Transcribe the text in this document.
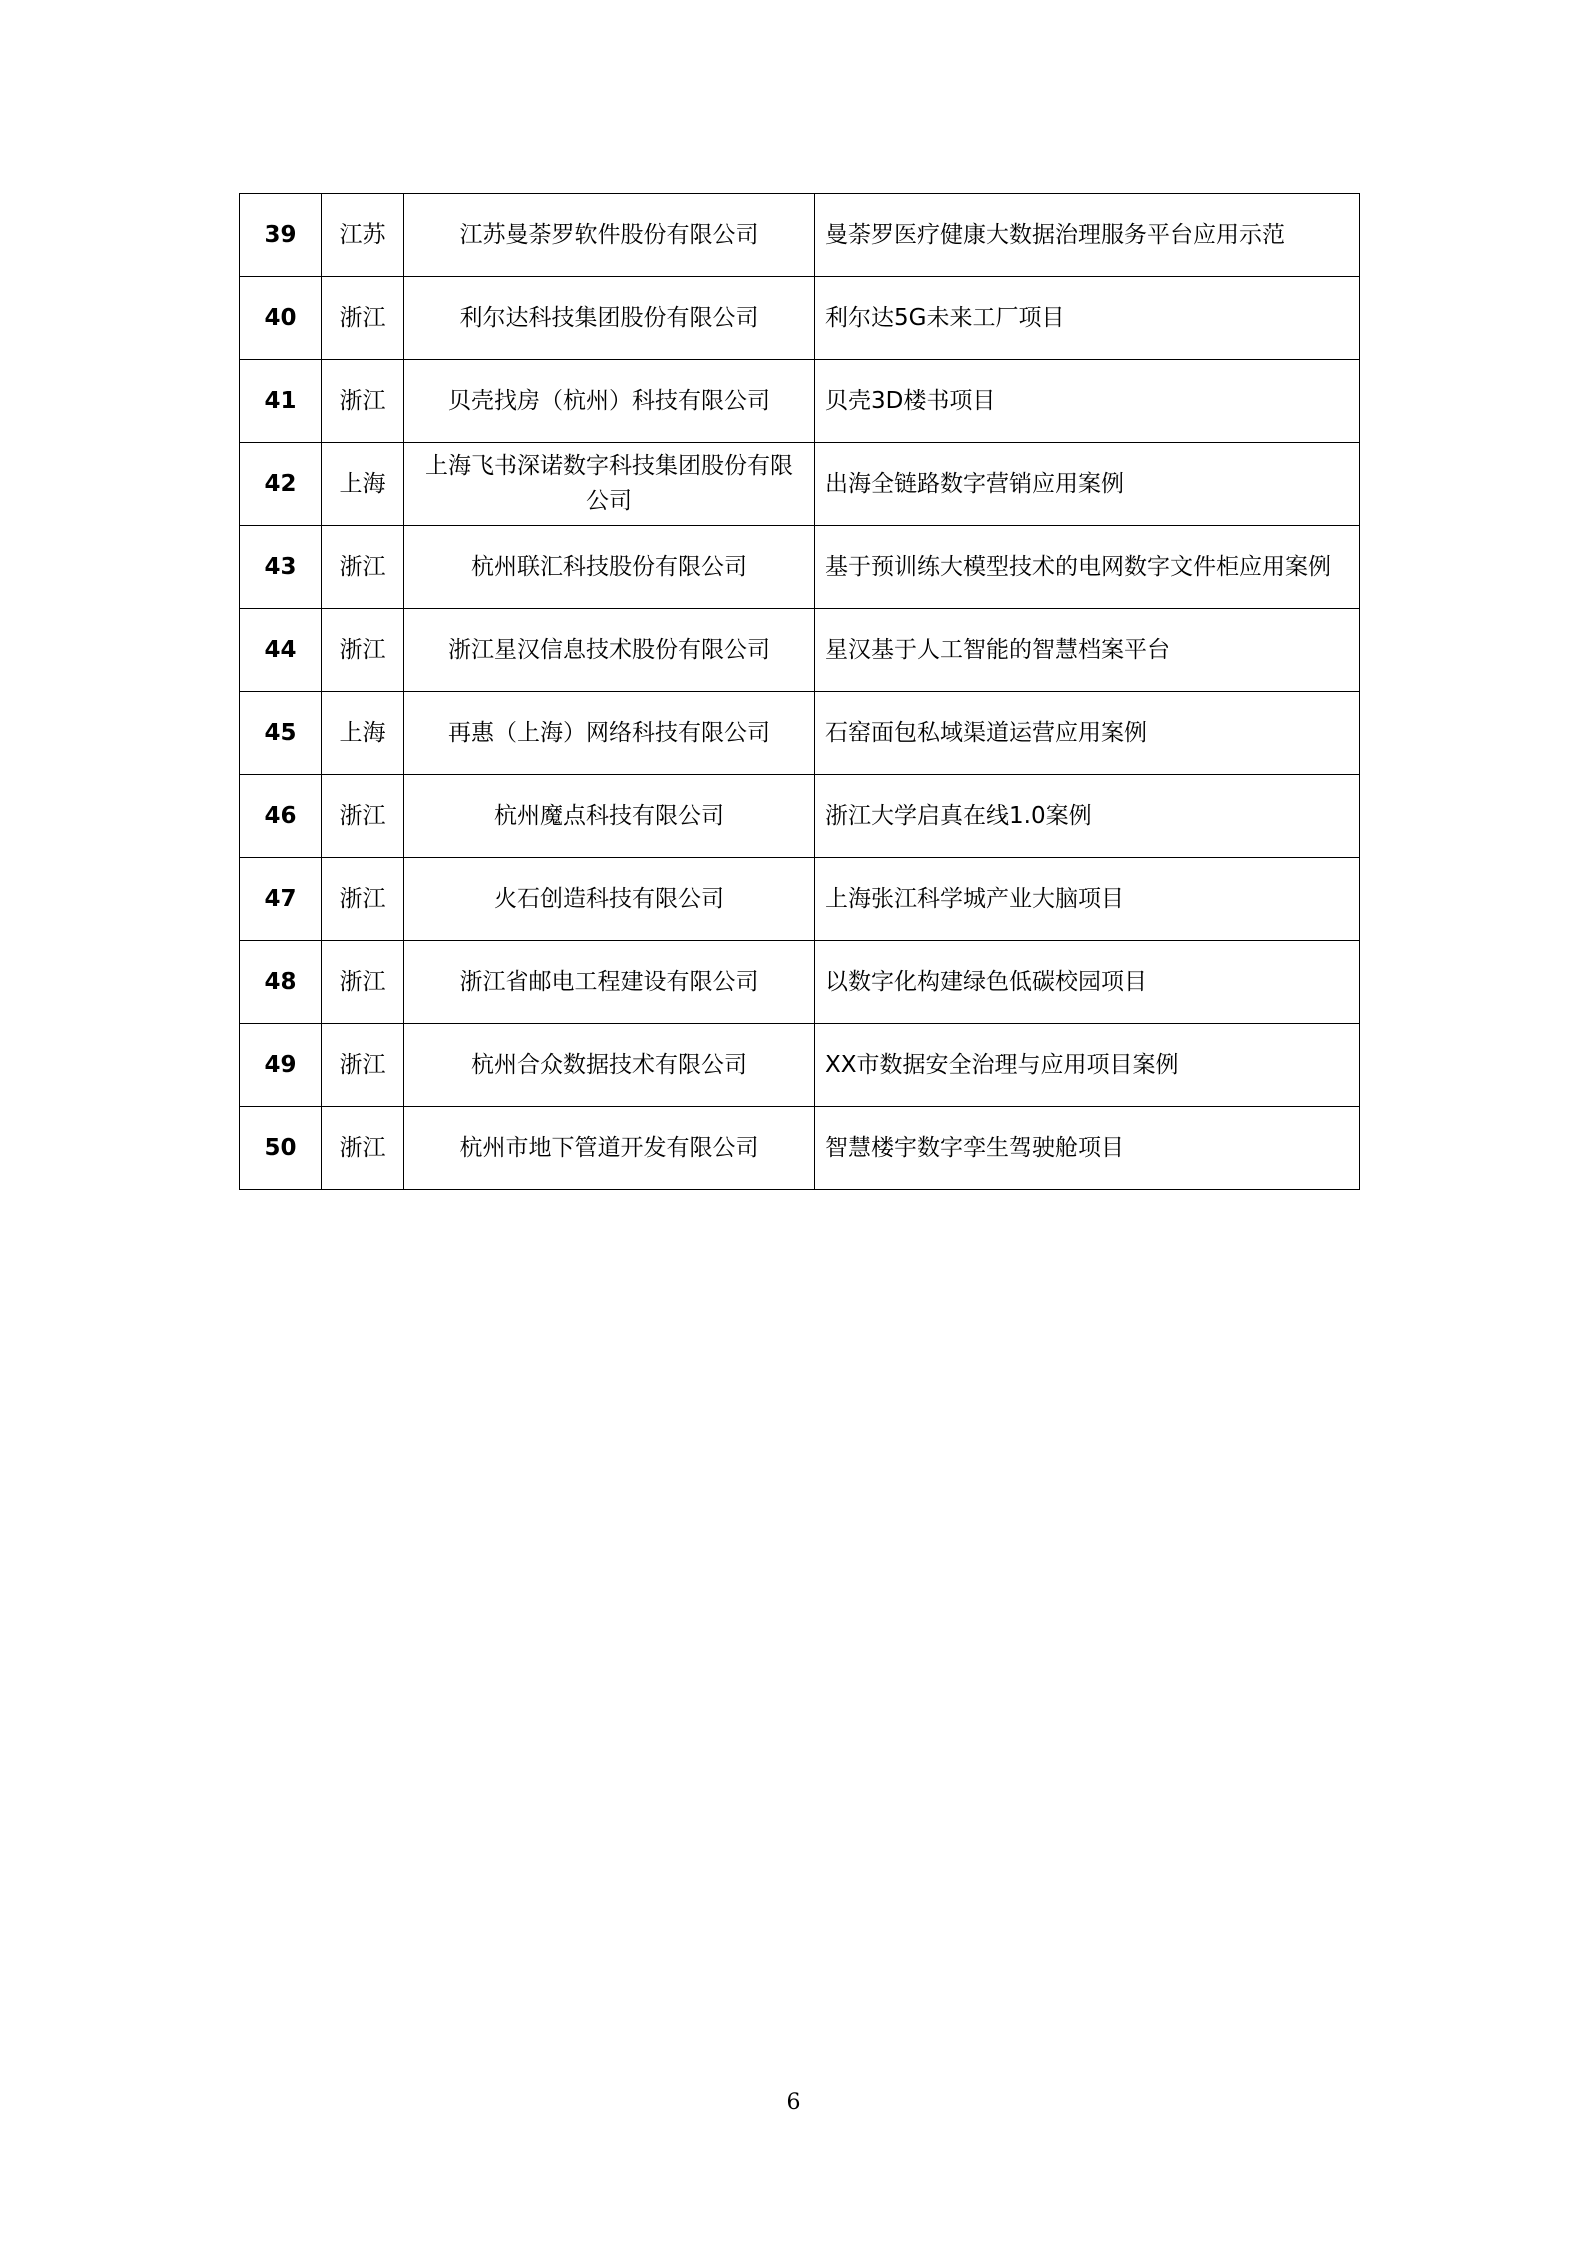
39	江苏	江苏曼荼罗软件股份有限公司	曼荼罗医疗健康大数据治理服务平台应用示范
40	浙江	利尔达科技集团股份有限公司	利尔达5G未来工厂项目
41	浙江	贝壳找房（杭州）科技有限公司	贝壳3D楼书项目
42	上海	上海飞书深诺数字科技集团股份有限公司	出海全链路数字营销应用案例
43	浙江	杭州联汇科技股份有限公司	基于预训练大模型技术的电网数字文件柜应用案例
44	浙江	浙江星汉信息技术股份有限公司	星汉基于人工智能的智慧档案平台
45	上海	再惠（上海）网络科技有限公司	石窑面包私域渠道运营应用案例
46	浙江	杭州魔点科技有限公司	浙江大学启真在线1.0案例
47	浙江	火石创造科技有限公司	上海张江科学城产业大脑项目
48	浙江	浙江省邮电工程建设有限公司	以数字化构建绿色低碳校园项目
49	浙江	杭州合众数据技术有限公司	XX市数据安全治理与应用项目案例
50	浙江	杭州市地下管道开发有限公司	智慧楼宇数字孪生驾驶舱项目
6
